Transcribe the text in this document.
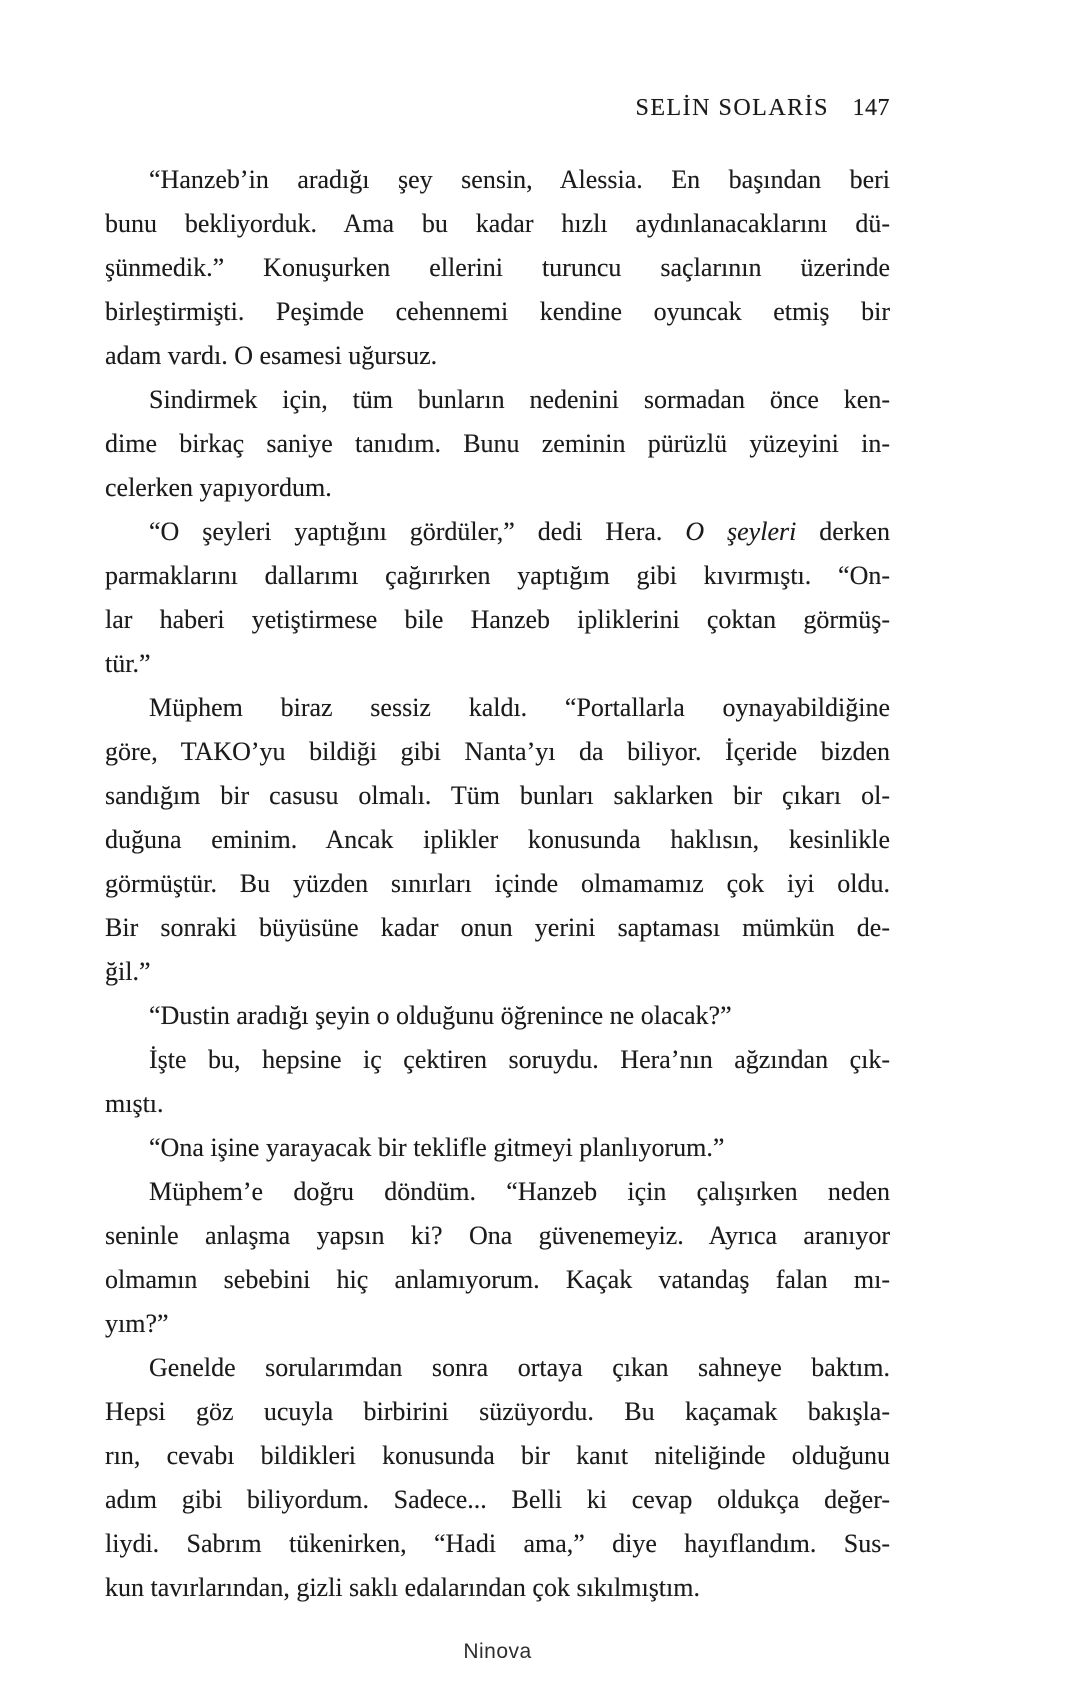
SELİN SOLARİS 147
“Hanzeb’in aradığı şey sensin, Alessia. En başından beri
bunu bekliyorduk. Ama bu kadar hızlı aydınlanacaklarını dü-
şünmedik.” Konuşurken ellerini turuncu saçlarının üzerinde
birleştirmişti. Peşimde cehennemi kendine oyuncak etmiş bir
adam vardı. O esamesi uğursuz.
Sindirmek için, tüm bunların nedenini sormadan önce ken-
dime birkaç saniye tanıdım. Bunu zeminin pürüzlü yüzeyini in-
celerken yapıyordum.
“O şeyleri yaptığını gördüler,” dedi Hera. O şeyleri derken
parmaklarını dallarımı çağırırken yaptığım gibi kıvırmıştı. “On-
lar haberi yetiştirmese bile Hanzeb ipliklerini çoktan görmüş-
tür.”
Müphem biraz sessiz kaldı. “Portallarla oynayabildiğine
göre, TAKO’yu bildiği gibi Nanta’yı da biliyor. İçeride bizden
sandığım bir casusu olmalı. Tüm bunları saklarken bir çıkarı ol-
duğuna eminim. Ancak iplikler konusunda haklısın, kesinlikle
görmüştür. Bu yüzden sınırları içinde olmamamız çok iyi oldu.
Bir sonraki büyüsüne kadar onun yerini saptaması mümkün de-
ğil.”
“Dustin aradığı şeyin o olduğunu öğrenince ne olacak?”
İşte bu, hepsine iç çektiren soruydu. Hera’nın ağzından çık-
mıştı.
“Ona işine yarayacak bir teklifle gitmeyi planlıyorum.”
Müphem’e doğru döndüm. “Hanzeb için çalışırken neden
seninle anlaşma yapsın ki? Ona güvenemeyiz. Ayrıca aranıyor
olmamın sebebini hiç anlamıyorum. Kaçak vatandaş falan mı-
yım?”
Genelde sorularımdan sonra ortaya çıkan sahneye baktım.
Hepsi göz ucuyla birbirini süzüyordu. Bu kaçamak bakışla-
rın, cevabı bildikleri konusunda bir kanıt niteliğinde olduğunu
adım gibi biliyordum. Sadece... Belli ki cevap oldukça değer-
liydi. Sabrım tükenirken, “Hadi ama,” diye hayıflandım. Sus-
kun tavırlarından, gizli saklı edalarından çok sıkılmıştım.
Ninova
